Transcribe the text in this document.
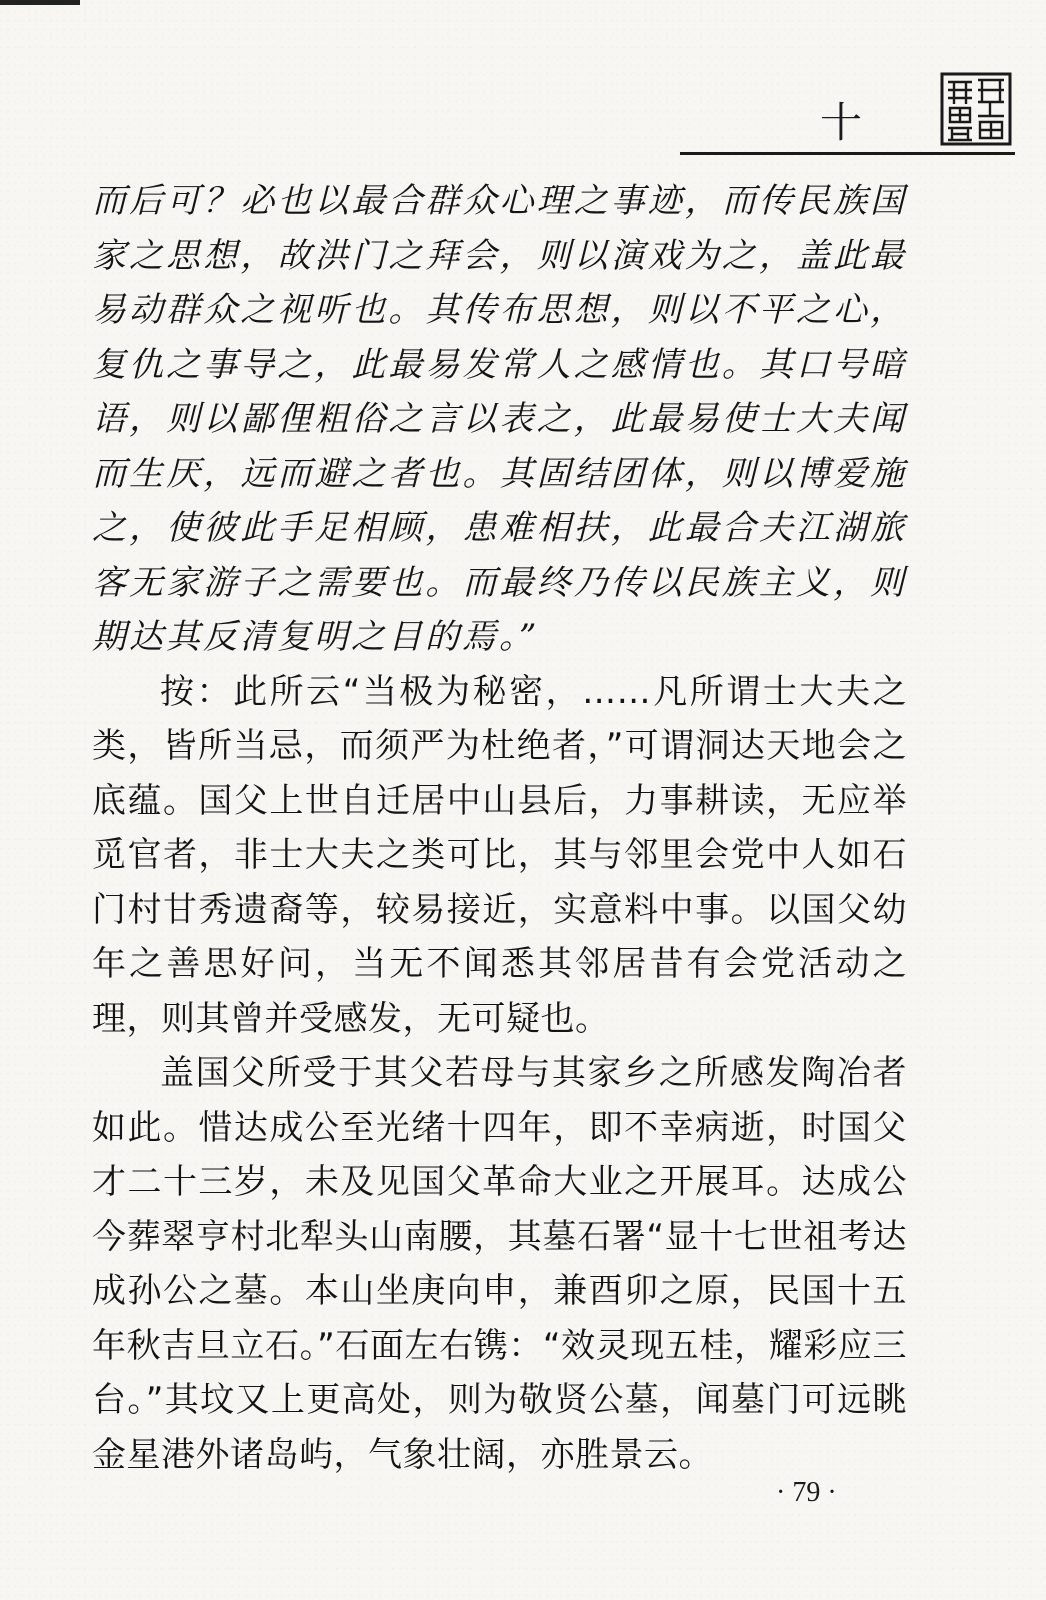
十

而后可？必也以最合群众心理之事迹，而传民族国家之思想，故洪门之拜会，则以演戏为之，盖此最易动群众之视听也。其传布思想，则以不平之心，复仇之事导之，此最易发常人之感情也。其口号暗语，则以鄙俚粗俗之言以表之，此最易使士大夫闻而生厌，远而避之者也。其固结团体，则以博爱施之，使彼此手足相顾，患难相扶，此最合夫江湖旅客无家游子之需要也。而最终乃传以民族主义，则期达其反清复明之目的焉。”

按：此所云“当极为秘密，……凡所谓士大夫之类，皆所当忌，而须严为杜绝者，”可谓洞达天地会之底蕴。国父上世自迁居中山县后，力事耕读，无应举觅官者，非士大夫之类可比，其与邻里会党中人如石门村甘秀遗裔等，较易接近，实意料中事。以国父幼年之善思好问，当无不闻悉其邻居昔有会党活动之理，则其曾并受感发，无可疑也。

盖国父所受于其父若母与其家乡之所感发陶冶者如此。惜达成公至光绪十四年，即不幸病逝，时国父才二十三岁，未及见国父革命大业之开展耳。达成公今葬翠亨村北犁头山南腰，其墓石署“显十七世祖考达成孙公之墓。本山坐庚向申，兼酉卯之原，民国十五年秋吉旦立石。”石面左右镌：“效灵现五桂，耀彩应三台。”其坟又上更高处，则为敬贤公墓，闻墓门可远眺金星港外诸岛屿，气象壮阔，亦胜景云。

· 79 ·
